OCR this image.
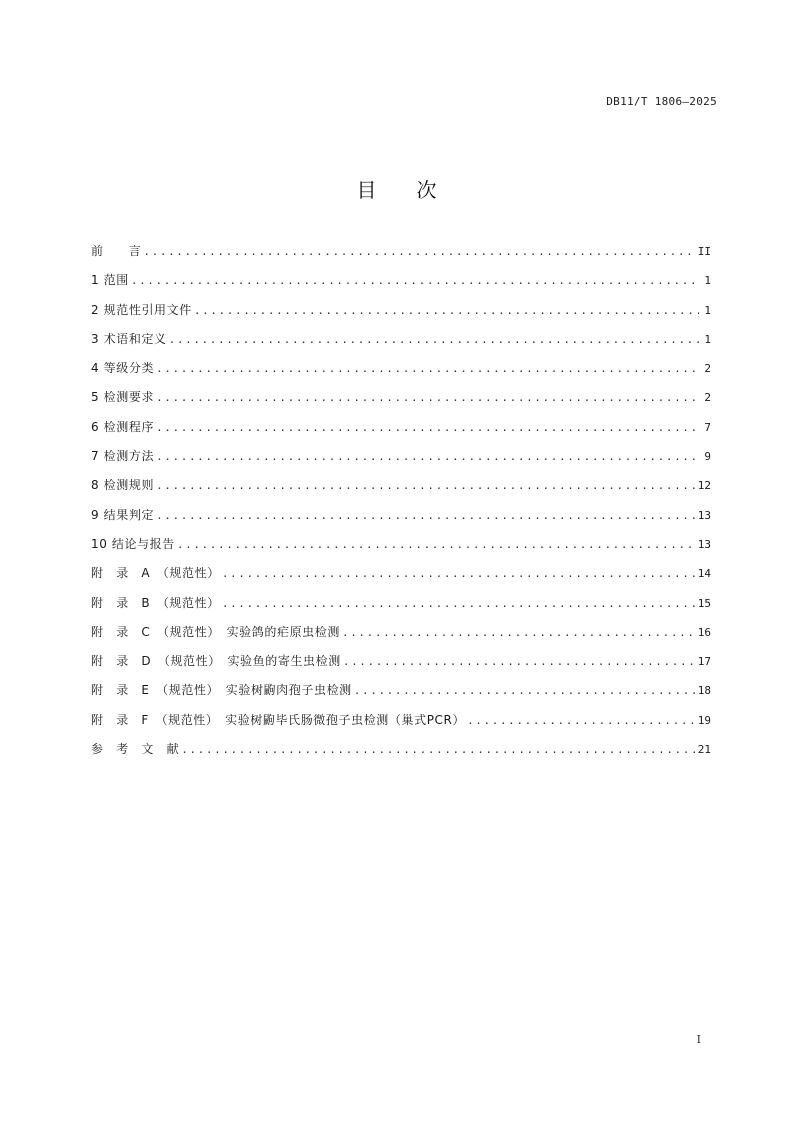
DB11/T 1806—2025
目　　次
前　　言 .....	II
1 范围 .....	1
2 规范性引用文件 .....	1
3 术语和定义 .....	1
4 等级分类 .....	2
5 检测要求 .....	2
6 检测程序 .....	7
7 检测方法 .....	9
8 检测规则 .....	12
9 结果判定 .....	13
10 结论与报告 .....	13
附　录　A　（规范性） .....	14
附　录　B　（规范性） .....	15
附　录　C　（规范性）　实验鸽的疟原虫检测 .....	16
附　录　D　（规范性）　实验鱼的寄生虫检测 .....	17
附　录　E　（规范性）　实验树鼩肉孢子虫检测 .....	18
附　录　F　（规范性）　实验树鼩毕氏肠微孢子虫检测（巢式PCR） .....	19
参　考　文　献 .....	21
I
